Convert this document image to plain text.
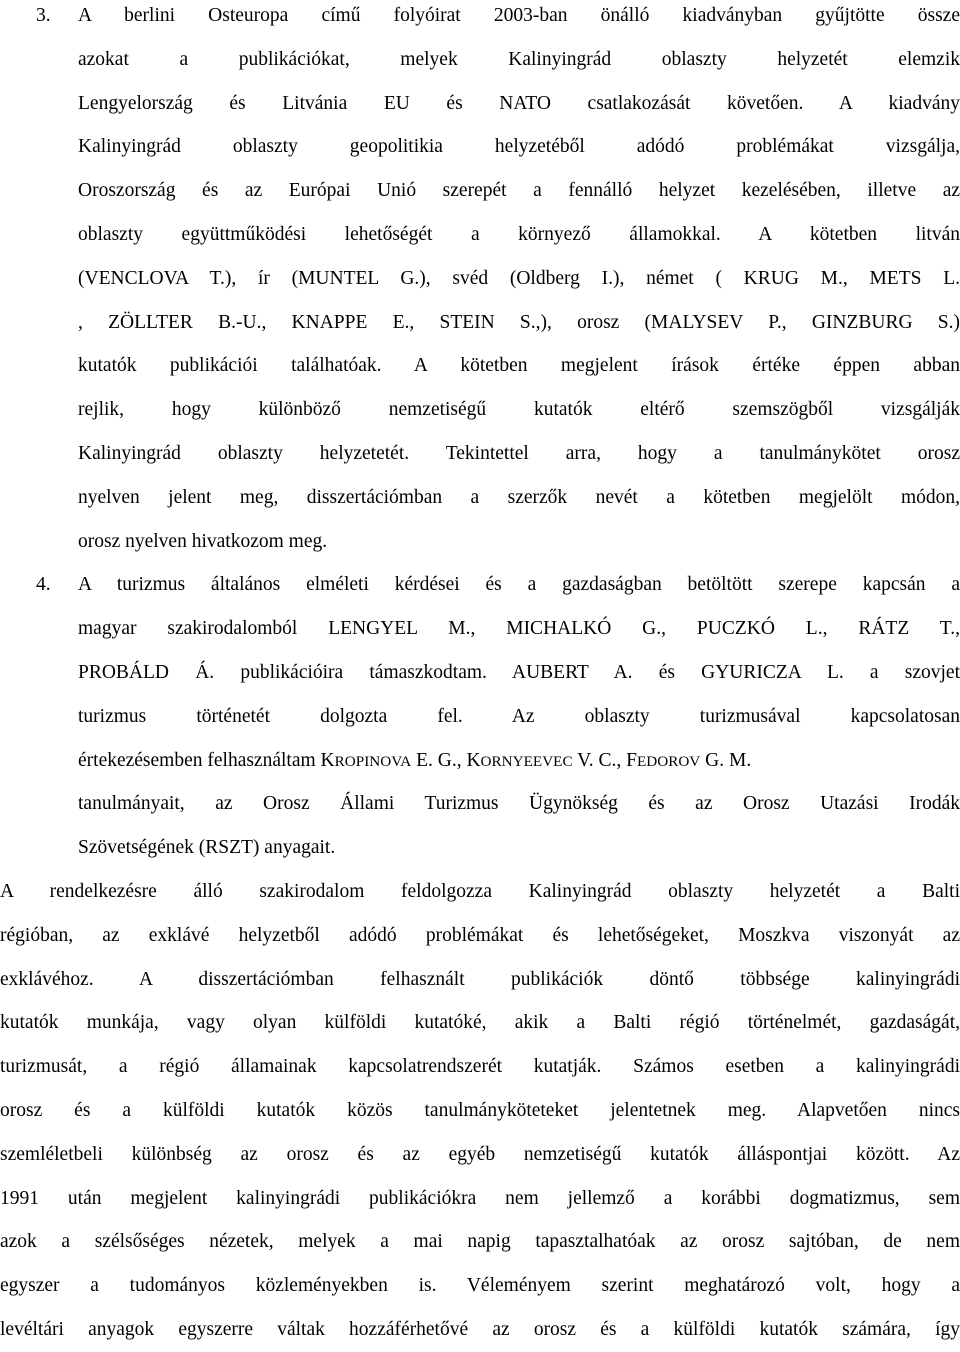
3. A berlini Osteuropa című folyóirat 2003-ban önálló kiadványban gyűjtötte össze
azokat a publikációkat, melyek Kalinyingrád oblaszty helyzetét elemzik
Lengyelország és Litvánia EU és NATO csatlakozását követően. A kiadvány
Kalinyingrád oblaszty geopolitikia helyzetéből adódó problémákat vizsgálja,
Oroszország és az Európai Unió szerepét a fennálló helyzet kezelésében, illetve az
oblaszty együttműködési lehetőségét a környező államokkal. A kötetben litván
(VENCLOVA T.), ír (MUNTEL G.), svéd (Oldberg I.), német ( KRUG M., METS L.
, ZÖLLTER B.-U., KNAPPE E., STEIN S.,), orosz (MALYSEV P., GINZBURG S.)
kutatók publikációi találhatóak. A kötetben megjelent írások értéke éppen abban
rejlik, hogy különböző nemzetiségű kutatók eltérő szemszögből vizsgálják
Kalinyingrád oblaszty helyzetetét. Tekintettel arra, hogy a tanulmánykötet orosz
nyelven jelent meg, disszertációmban a szerzők nevét a kötetben megjelölt módon,
orosz nyelven hivatkozom meg.
4. A turizmus általános elméleti kérdései és a gazdaságban betöltött szerepe kapcsán a
magyar szakirodalomból LENGYEL M., MICHALKÓ G., PUCZKÓ L., RÁTZ T.,
PROBÁLD Á. publikációira támaszkodtam. AUBERT A. és GYURICZA L. a szovjet
turizmus történetét dolgozta fel. Az oblaszty turizmusával kapcsolatosan
értekezésemben felhasználtam KROPINOVA E. G., KORNYEEVEC V. C., FEDOROV G. M.
tanulmányait, az Orosz Állami Turizmus Ügynökség és az Orosz Utazási Irodák
Szövetségének (RSZT) anyagait.
A rendelkezésre álló szakirodalom feldolgozza Kalinyingrád oblaszty helyzetét a Balti
régióban, az exklávé helyzetből adódó problémákat és lehetőségeket, Moszkva viszonyát az
exklávéhoz. A disszertációmban felhasznált publikációk döntő többsége kalinyingrádi
kutatók munkája, vagy olyan külföldi kutatóké, akik a Balti régió történelmét, gazdaságát,
turizmusát, a régió államainak kapcsolatrendszerét kutatják. Számos esetben a kalinyingrádi
orosz és a külföldi kutatók közös tanulmányköteteket jelentetnek meg. Alapvetően nincs
szemléletbeli különbség az orosz és az egyéb nemzetiségű kutatók álláspontjai között. Az
1991 után megjelent kalinyingrádi publikációkra nem jellemző a korábbi dogmatizmus, sem
azok a szélsőséges nézetek, melyek a mai napig tapasztalhatóak az orosz sajtóban, de nem
egyszer a tudományos közleményekben is. Véleményem szerint meghatározó volt, hogy a
levéltári anyagok egyszerre váltak hozzáférhetővé az orosz és a külföldi kutatók számára, így
